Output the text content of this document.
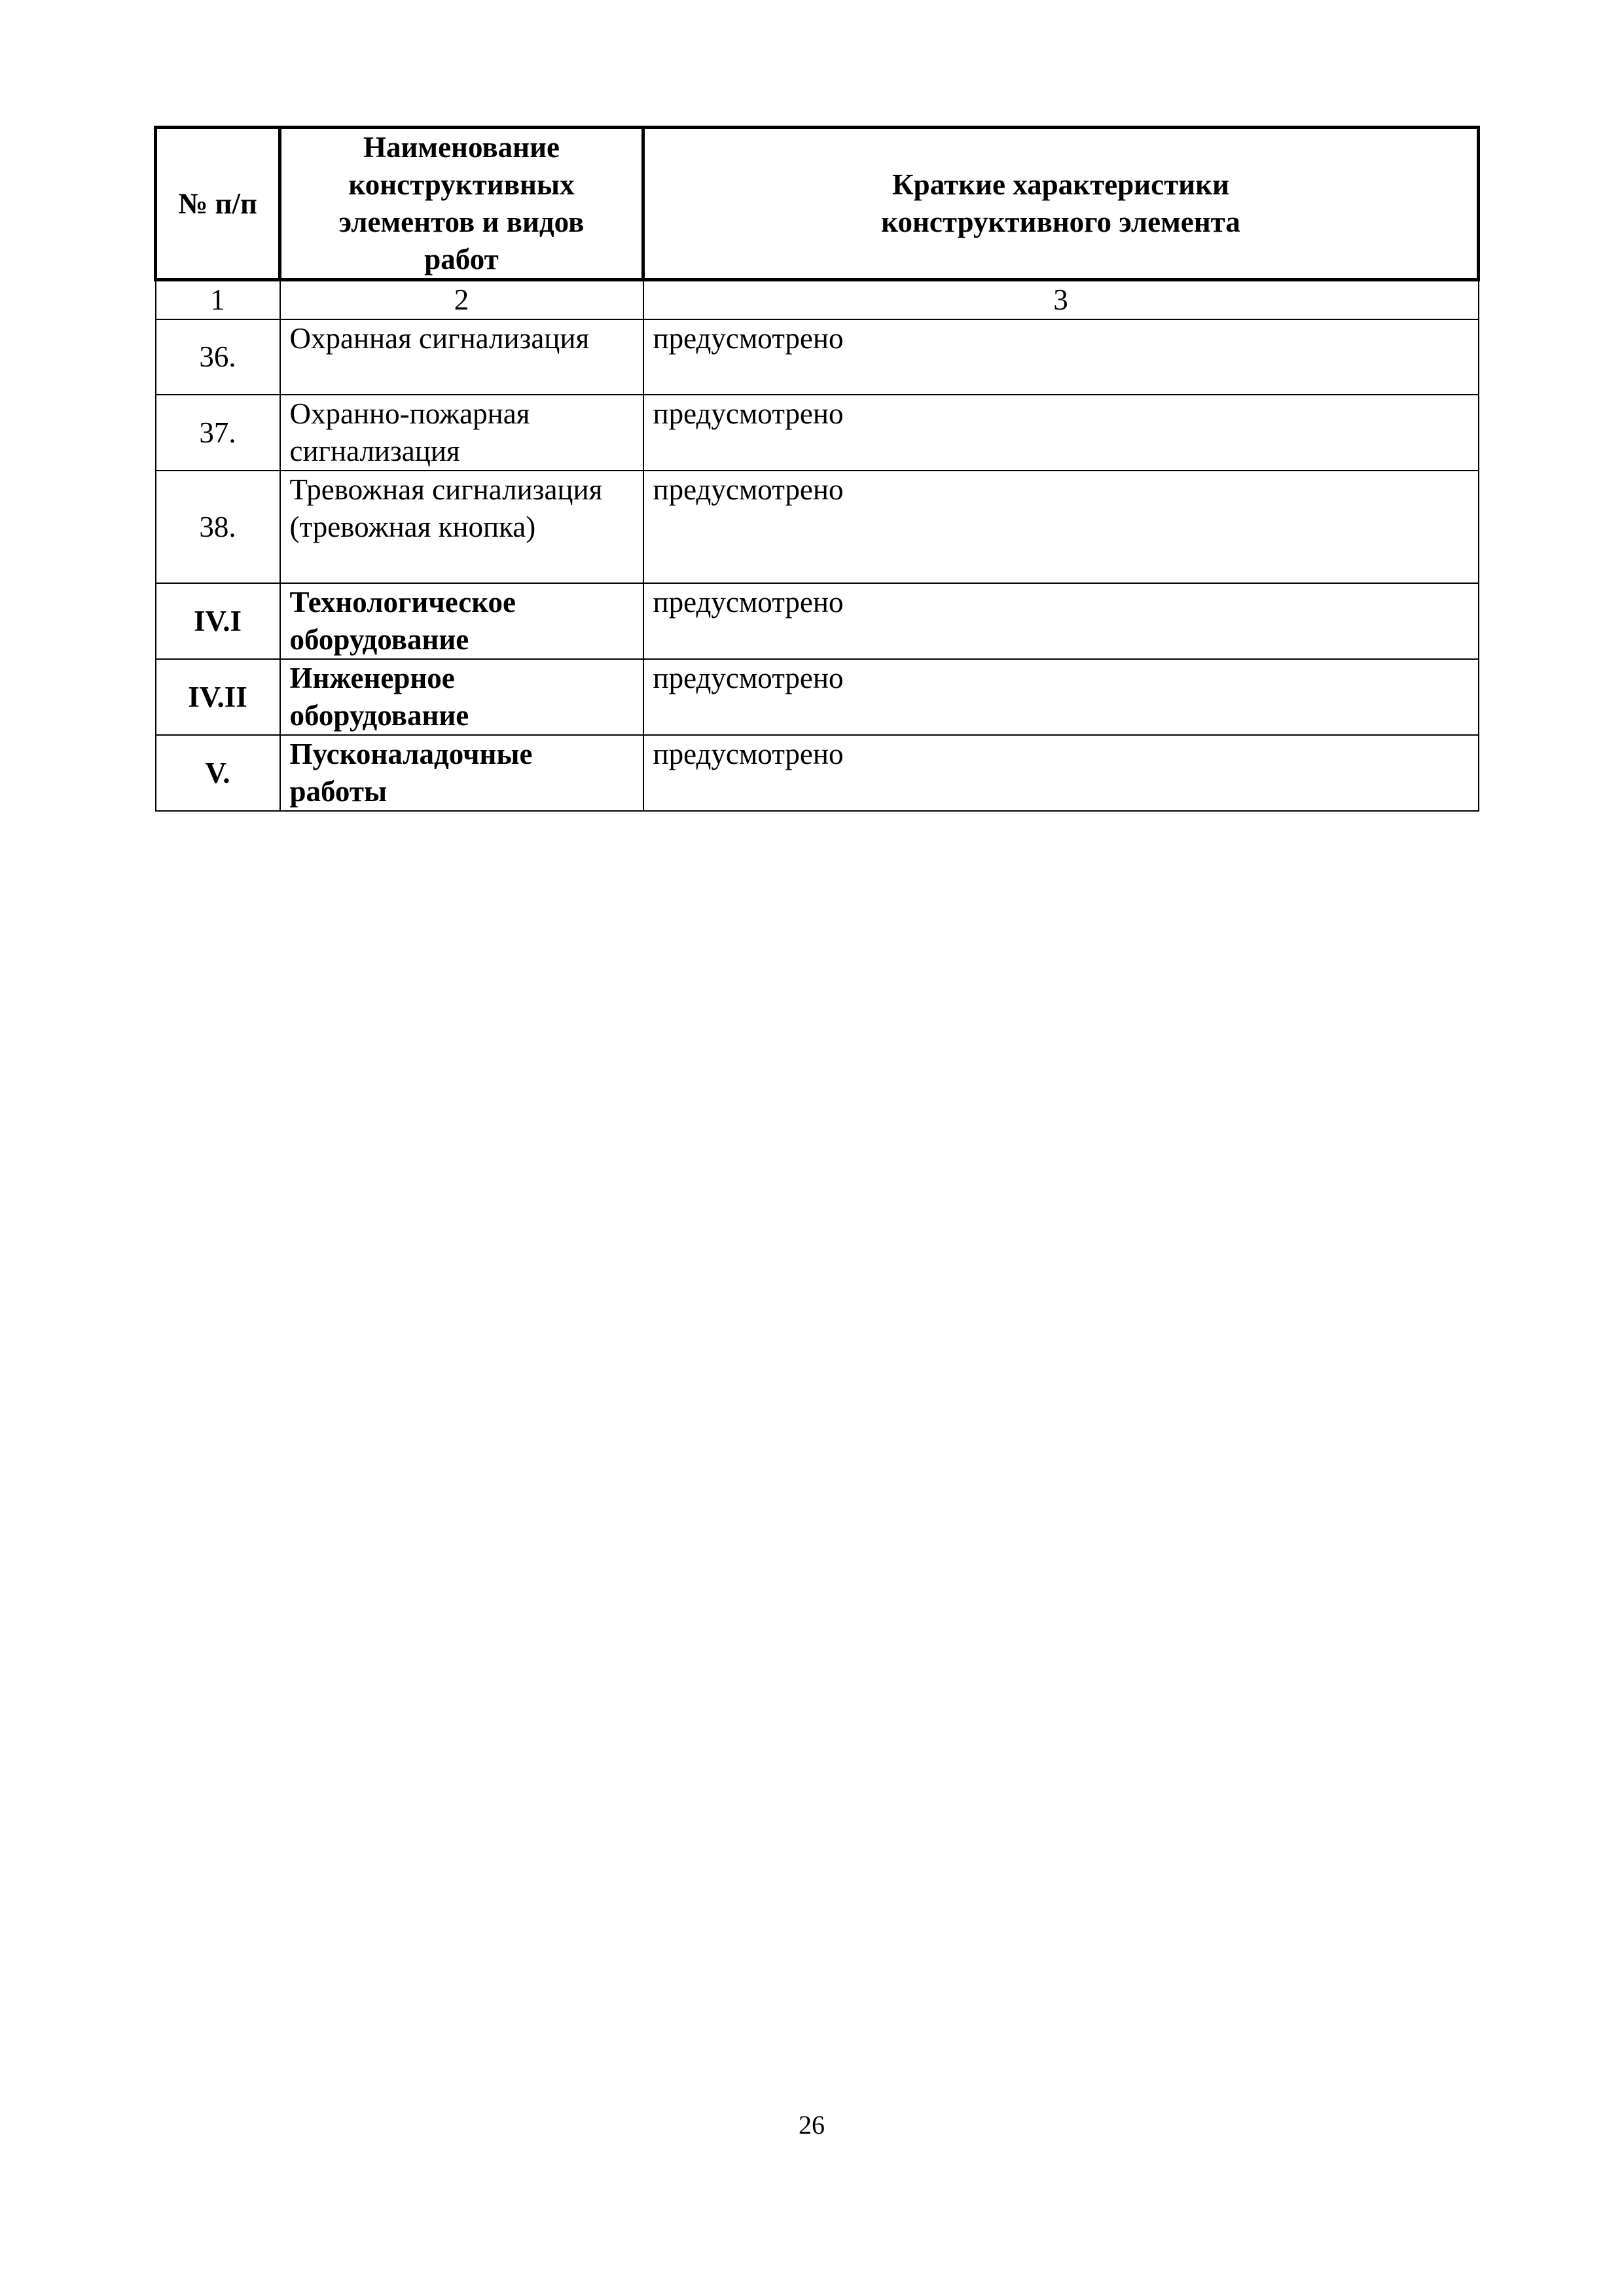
№ п/п	Наименование конструктивных элементов и видов работ	Краткие характеристики конструктивного элемента
1	2	3
36.	Охранная сигнализация	предусмотрено
37.	Охранно-пожарная сигнализация	предусмотрено
38.	Тревожная сигнализация (тревожная кнопка)	предусмотрено
IV.I	Технологическое оборудование	предусмотрено
IV.II	Инженерное оборудование	предусмотрено
V.	Пусконаладочные работы	предусмотрено
26
